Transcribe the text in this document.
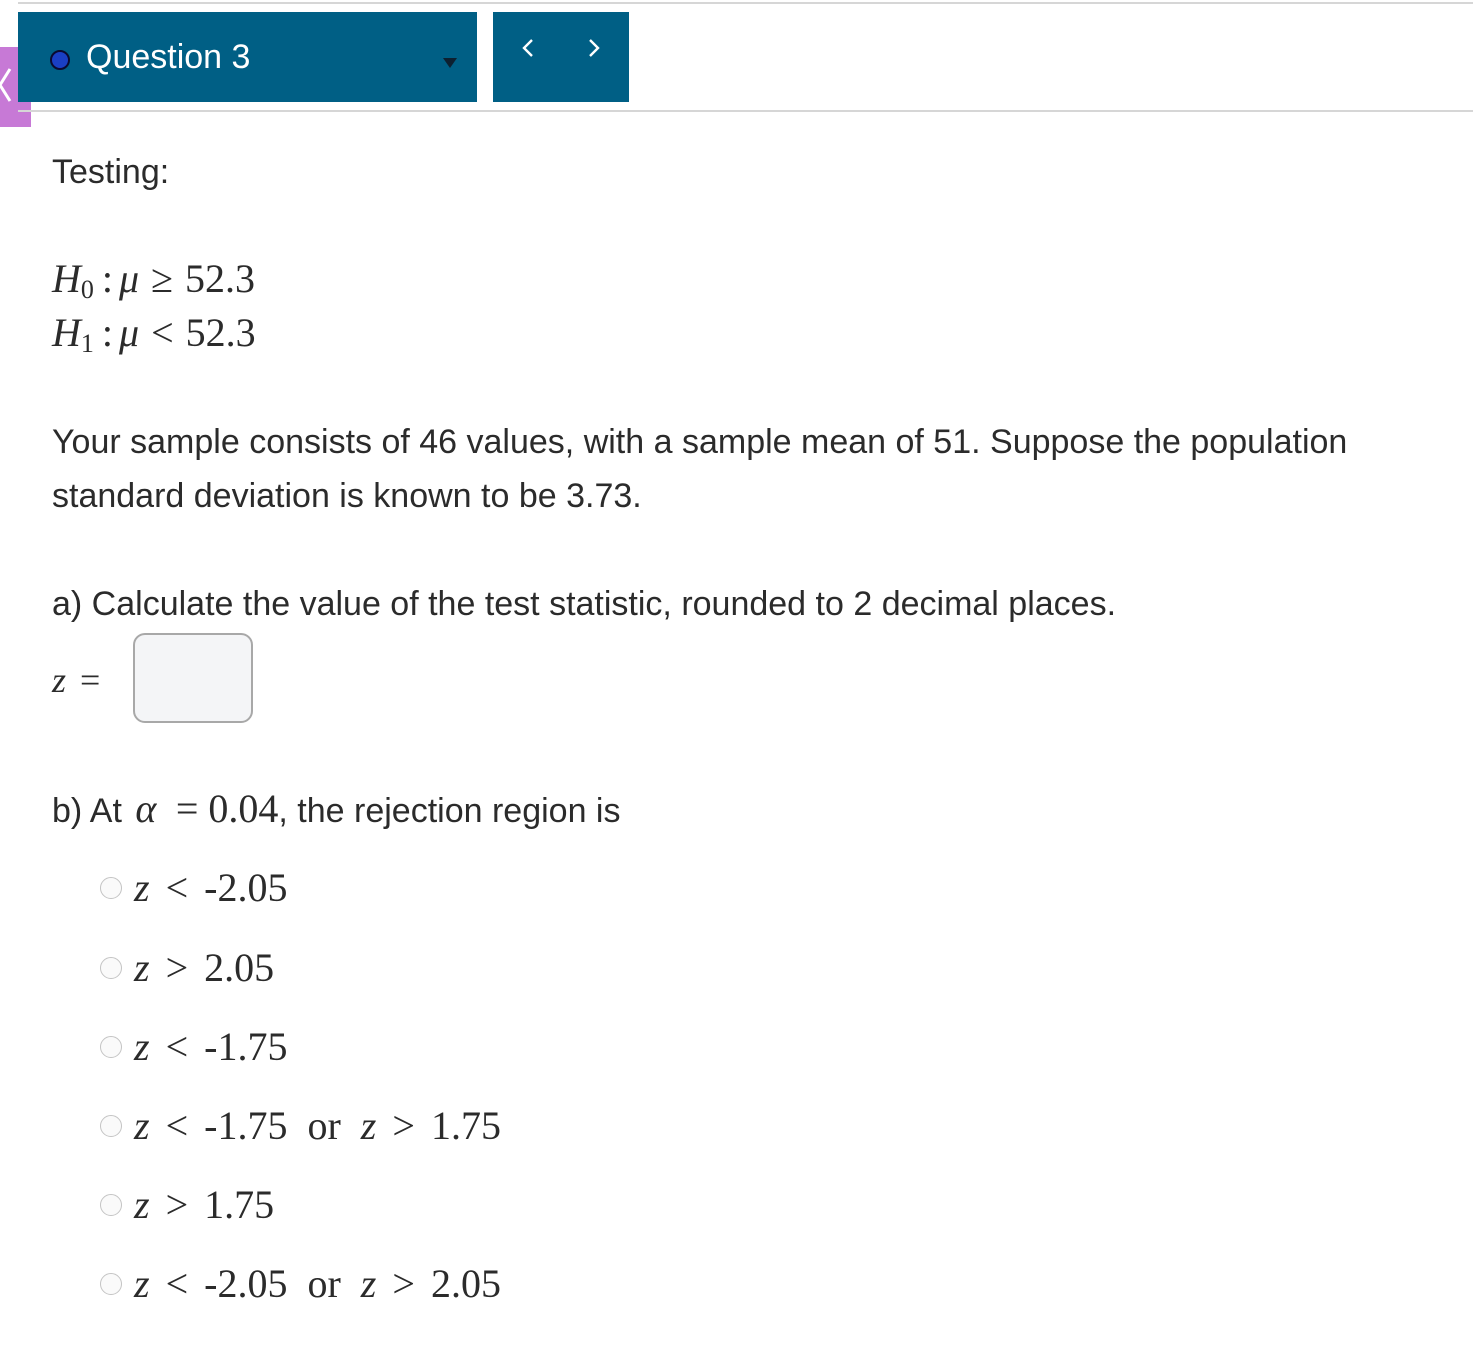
Question 3
Testing:
$H_0$ : μ ≥ 52.3
$H_1$ : μ < 52.3
Your sample consists of 46 values, with a sample mean of 51. Suppose the population
standard deviation is known to be 3.73.
a) Calculate the value of the test statistic, rounded to 2 decimal places.
z =
b) At α = 0.04, the rejection region is
z < -2.05
z > 2.05
z < -1.75
z < -1.75 or z > 1.75
z > 1.75
z < -2.05 or z > 2.05
